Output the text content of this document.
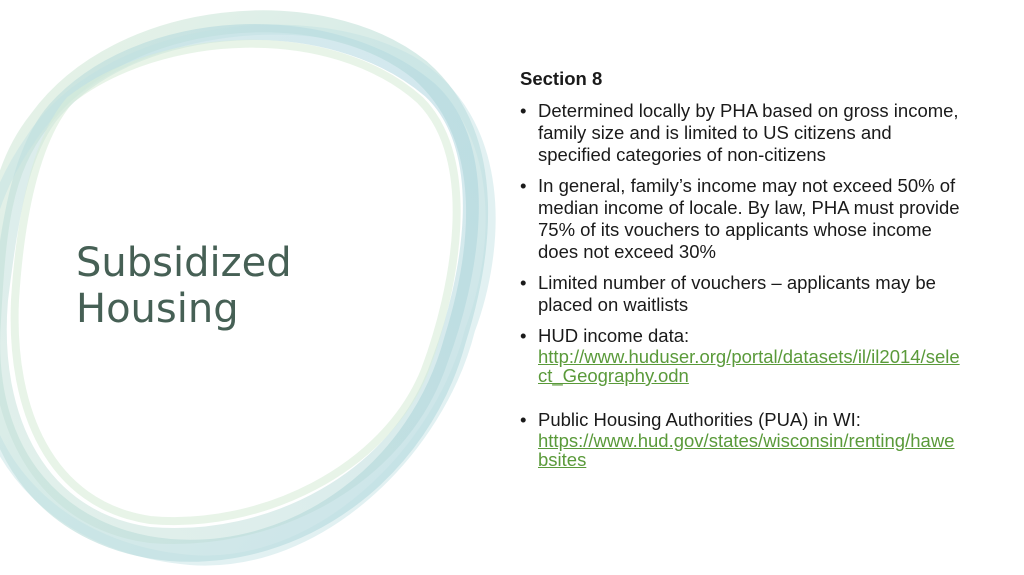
Subsidized
Housing
Section 8
• Determined locally by PHA based on gross income, family size and is limited to US citizens and specified categories of non-citizens
• In general, family’s income may not exceed 50% of median income of locale. By law, PHA must provide 75% of its vouchers to applicants whose income does not exceed 30%
• Limited number of vouchers – applicants may be placed on waitlists
• HUD income data:
http://www.huduser.org/portal/datasets/il/il2014/select_Geography.odn
• Public Housing Authorities (PUA) in WI:
https://www.hud.gov/states/wisconsin/renting/hawebsites
